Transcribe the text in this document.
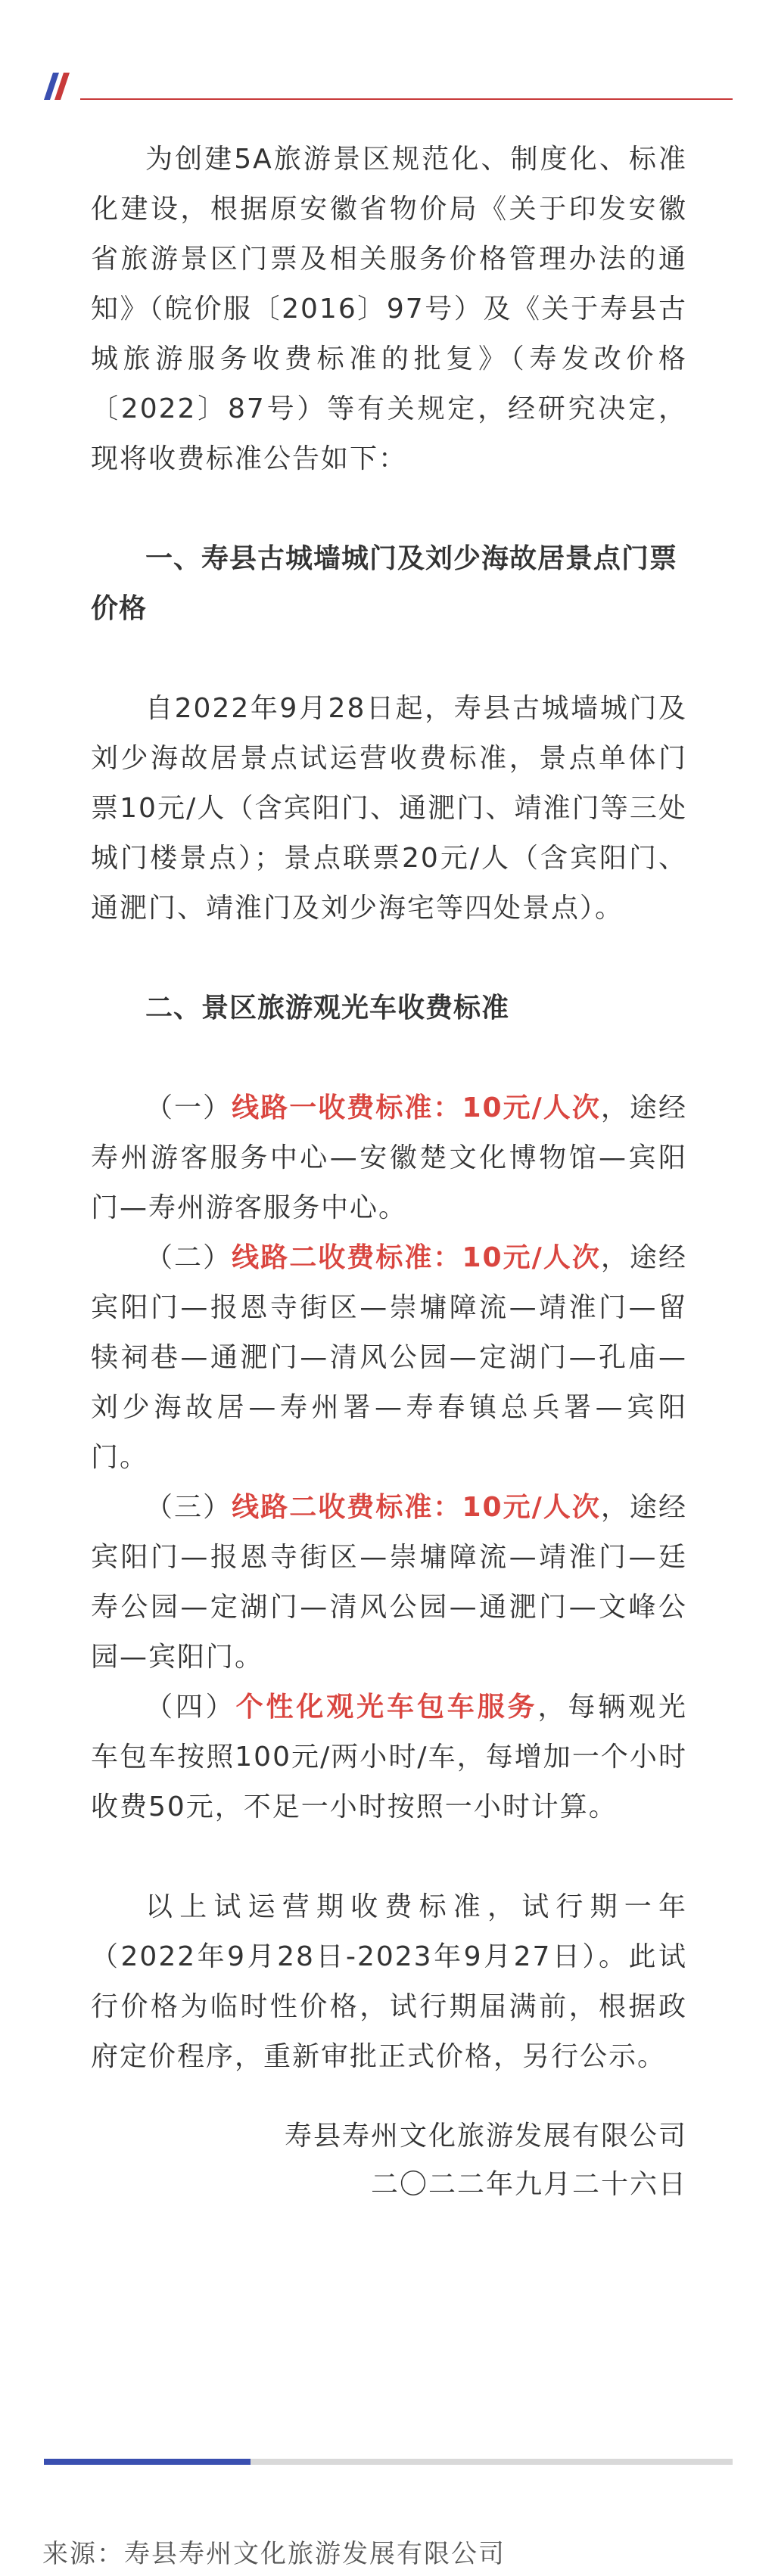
为创建5A旅游景区规范化、制度化、标准化建设，根据原安徽省物价局《关于印发安徽省旅游景区门票及相关服务价格管理办法的通知》（皖价服〔2016〕97号）及《关于寿县古城旅游服务收费标准的批复》（寿发改价格〔2022〕87号）等有关规定，经研究决定，现将收费标准公告如下：

一、寿县古城墙城门及刘少海故居景点门票价格

自2022年9月28日起，寿县古城墙城门及刘少海故居景点试运营收费标准，景点单体门票10元/人（含宾阳门、通淝门、靖淮门等三处城门楼景点）；景点联票20元/人（含宾阳门、通淝门、靖淮门及刘少海宅等四处景点）。

二、景区旅游观光车收费标准

（一）线路一收费标准：10元/人次，途经寿州游客服务中心—安徽楚文化博物馆—宾阳门—寿州游客服务中心。

（二）线路二收费标准：10元/人次，途经宾阳门—报恩寺街区—崇墉障流—靖淮门—留犊祠巷—通淝门—清风公园—定湖门—孔庙—刘少海故居—寿州署—寿春镇总兵署—宾阳门。

（三）线路二收费标准：10元/人次，途经宾阳门—报恩寺街区—崇墉障流—靖淮门—廷寿公园—定湖门—清风公园—通淝门—文峰公园—宾阳门。

（四）个性化观光车包车服务，每辆观光车包车按照100元/两小时/车，每增加一个小时收费50元，不足一小时按照一小时计算。

以上试运营期收费标准，试行期一年（2022年9月28日-2023年9月27日）。此试行价格为临时性价格，试行期届满前，根据政府定价程序，重新审批正式价格，另行公示。

寿县寿州文化旅游发展有限公司

二〇二二年九月二十六日

来源：寿县寿州文化旅游发展有限公司
